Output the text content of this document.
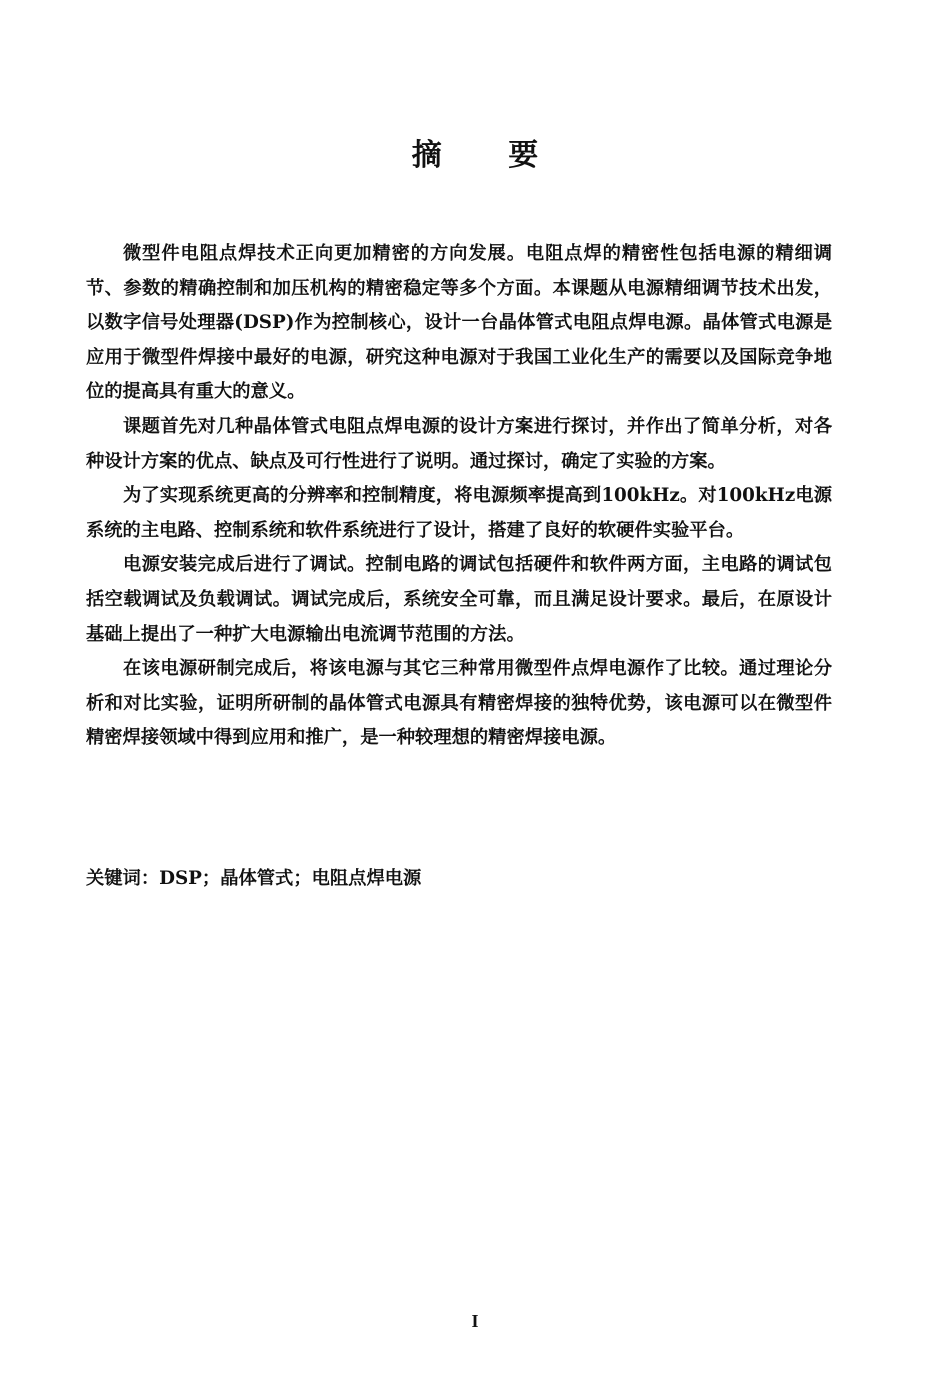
摘 要

微型件电阻点焊技术正向更加精密的方向发展。电阻点焊的精密性包括电源的精细调节、参数的精确控制和加压机构的精密稳定等多个方面。本课题从电源精细调节技术出发，以数字信号处理器(DSP)作为控制核心，设计一台晶体管式电阻点焊电源。晶体管式电源是应用于微型件焊接中最好的电源，研究这种电源对于我国工业化生产的需要以及国际竞争地位的提高具有重大的意义。

课题首先对几种晶体管式电阻点焊电源的设计方案进行探讨，并作出了简单分析，对各种设计方案的优点、缺点及可行性进行了说明。通过探讨，确定了实验的方案。

为了实现系统更高的分辨率和控制精度，将电源频率提高到100kHz。对100kHz电源系统的主电路、控制系统和软件系统进行了设计，搭建了良好的软硬件实验平台。

电源安装完成后进行了调试。控制电路的调试包括硬件和软件两方面，主电路的调试包括空载调试及负载调试。调试完成后，系统安全可靠，而且满足设计要求。最后，在原设计基础上提出了一种扩大电源输出电流调节范围的方法。

在该电源研制完成后，将该电源与其它三种常用微型件点焊电源作了比较。通过理论分析和对比实验，证明所研制的晶体管式电源具有精密焊接的独特优势，该电源可以在微型件精密焊接领域中得到应用和推广，是一种较理想的精密焊接电源。

关键词：DSP；晶体管式；电阻点焊电源

I
